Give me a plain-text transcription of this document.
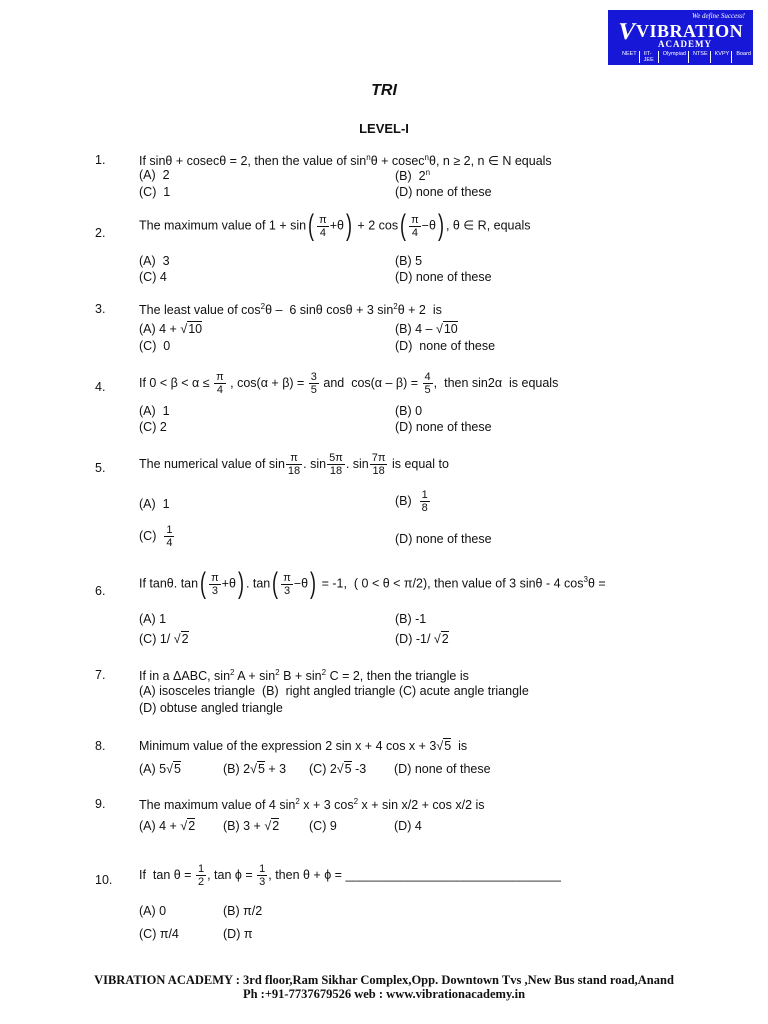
We define Success!
V
VIBRATION
ACADEMY
NEET	IIT-JEE
Olympiad	NTSE	KVPY	Board
TRI
LEVEL-I
1.	If sinθ + cosecθ = 2, then the value of $\sin^n\theta + cosec^n\theta$, n ≥ 2, n ∈ N equals
(A)  2	(B)  2$^n$
(C)  1	(D) none of these
2.
The maximum value of $1 + \sin( \frac{\pi}{4} +\theta) + 2$ $\cos( \frac{\pi}{4} -\theta)$ , θ ∈ R, equals
(A)  3	(B) 5
(C) 4	(D) none of these
3.	The least value of $\cos^2\theta - 6$ sinθ cosθ + 3 $\sin^2\theta + 2$  is
(A) 4 + √10	(B) 4 – √10
(C)  0	(D)  none of these
4.	If $0 < \beta < \alpha \le \frac{\pi}{4}$ , $\cos(\alpha + \beta) = \frac{3}{5}$ and  $\cos(\alpha - \beta) = \frac{4}{5}$ ,  then sin2α  is equals
(A)  1	(B) 0
(C) 2	(D) none of these
5.	The numerical value of $\sin \frac{\pi}{18}$ . $\sin \frac{5\pi}{18}$ . $\sin \frac{7\pi}{18}$ is equal to
(A)  1	$(B) \frac{1}{8}$
$(C) \frac{1}{4}$	(D) none of these
6.
If tanθ. $\tan( \frac{\pi}{3} +\theta)$ . $\tan( \frac{\pi}{3} -\theta) = -1$,  ( 0 < θ < π/2), then value of 3 sinθ - 4 $\cos^3\theta$ =
(A) 1	(B) -1
(C) 1/ √2	(D) -1/ √2
7.	If in a ΔABC, $\sin^2 A + \sin^2 B + \sin^2 C = 2$, then the triangle is
(A) isosceles triangle  (B)  right angled triangle (C) acute angle triangle
(D) obtuse angled triangle
8.	Minimum value of the expression 2 sin x + 4 cos x + 3√5  is
(A) 5√5	(B) 2√5 + 3 (C) 2√5 -3 (D) none of these
9.	The maximum value of 4 $\sin^2 x + 3$ $\cos^2 x + \sin x/2 + \cos x/2$ is
(A) 4 + √2 (B) 3 + √2 (C) 9	(D) 4
10. If  $\tan \theta = \frac{1}{2}$ , $\tan \phi = \frac{1}{3}$ , then θ + ϕ = _______________________________
(A) 0	(B) π/2
(C) π/4	(D) π
VIBRATION ACADEMY : 3rd floor,Ram Sikhar Complex,Opp. Downtown Tvs ,New Bus stand road,Anand
Ph :+91-7737679526 web : www.vibrationacademy.in
